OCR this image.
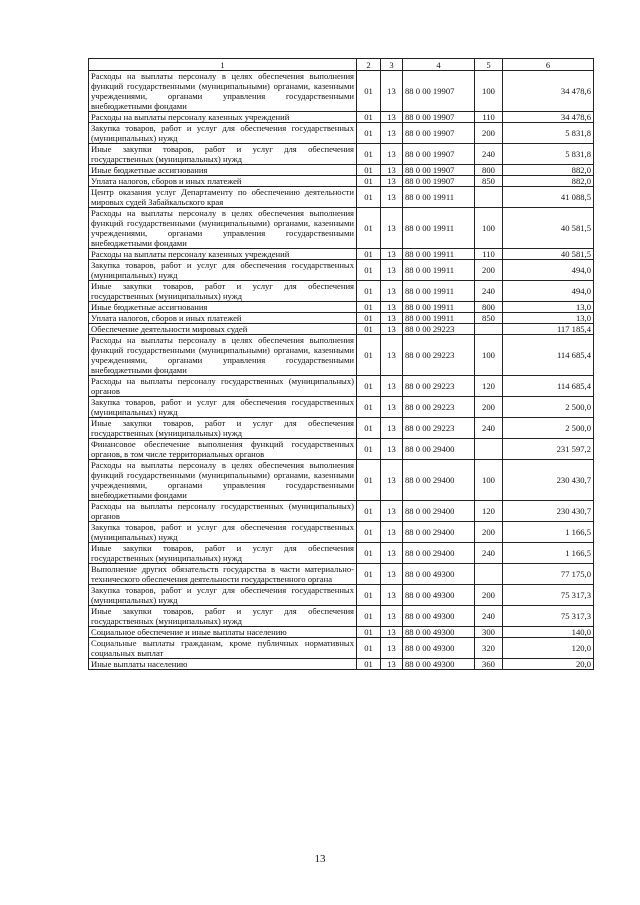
1	2	3	4	5	6
Расходы на выплаты персоналу в целях обеспечения выполнения функций государственными (муниципальными) органами, казенными учреждениями, органами управления государственными внебюджетными фондами	01	13	88 0 00 19907	100	34 478,6
Расходы на выплаты персоналу казенных учреждений	01	13	88 0 00 19907	110	34 478,6
Закупка товаров, работ и услуг для обеспечения государственных (муниципальных) нужд	01	13	88 0 00 19907	200	5 831,8
Иные закупки товаров, работ и услуг для обеспечения государственных (муниципальных) нужд	01	13	88 0 00 19907	240	5 831,8
Иные бюджетные ассигнования	01	13	88 0 00 19907	800	882,0
Уплата налогов, сборов и иных платежей	01	13	88 0 00 19907	850	882,0
Центр оказания услуг Департаменту по обеспечению деятельности мировых судей Забайкальского края	01	13	88 0 00 19911		41 088,5
Расходы на выплаты персоналу в целях обеспечения выполнения функций государственными (муниципальными) органами, казенными учреждениями, органами управления государственными внебюджетными фондами	01	13	88 0 00 19911	100	40 581,5
Расходы на выплаты персоналу казенных учреждений	01	13	88 0 00 19911	110	40 581,5
Закупка товаров, работ и услуг для обеспечения государственных (муниципальных) нужд	01	13	88 0 00 19911	200	494,0
Иные закупки товаров, работ и услуг для обеспечения государственных (муниципальных) нужд	01	13	88 0 00 19911	240	494,0
Иные бюджетные ассигнования	01	13	88 0 00 19911	800	13,0
Уплата налогов, сборов и иных платежей	01	13	88 0 00 19911	850	13,0
Обеспечение деятельности мировых судей	01	13	88 0 00 29223		117 185,4
Расходы на выплаты персоналу в целях обеспечения выполнения функций государственными (муниципальными) органами, казенными учреждениями, органами управления государственными внебюджетными фондами	01	13	88 0 00 29223	100	114 685,4
Расходы на выплаты персоналу государственных (муниципальных) органов	01	13	88 0 00 29223	120	114 685,4
Закупка товаров, работ и услуг для обеспечения государственных (муниципальных) нужд	01	13	88 0 00 29223	200	2 500,0
Иные закупки товаров, работ и услуг для обеспечения государственных (муниципальных) нужд	01	13	88 0 00 29223	240	2 500,0
Финансовое обеспечение выполнения функций государственных органов, в том числе территориальных органов	01	13	88 0 00 29400		231 597,2
Расходы на выплаты персоналу в целях обеспечения выполнения функций государственными (муниципальными) органами, казенными учреждениями, органами управления государственными внебюджетными фондами	01	13	88 0 00 29400	100	230 430,7
Расходы на выплаты персоналу государственных (муниципальных) органов	01	13	88 0 00 29400	120	230 430,7
Закупка товаров, работ и услуг для обеспечения государственных (муниципальных) нужд	01	13	88 0 00 29400	200	1 166,5
Иные закупки товаров, работ и услуг для обеспечения государственных (муниципальных) нужд	01	13	88 0 00 29400	240	1 166,5
Выполнение других обязательств государства в части материально-технического обеспечения деятельности государственного органа	01	13	88 0 00 49300		77 175,0
Закупка товаров, работ и услуг для обеспечения государственных (муниципальных) нужд	01	13	88 0 00 49300	200	75 317,3
Иные закупки товаров, работ и услуг для обеспечения государственных (муниципальных) нужд	01	13	88 0 00 49300	240	75 317,3
Социальное обеспечение и иные выплаты населению	01	13	88 0 00 49300	300	140,0
Социальные выплаты гражданам, кроме публичных нормативных социальных выплат	01	13	88 0 00 49300	320	120,0
Иные выплаты населению	01	13	88 0 00 49300	360	20,0
13
